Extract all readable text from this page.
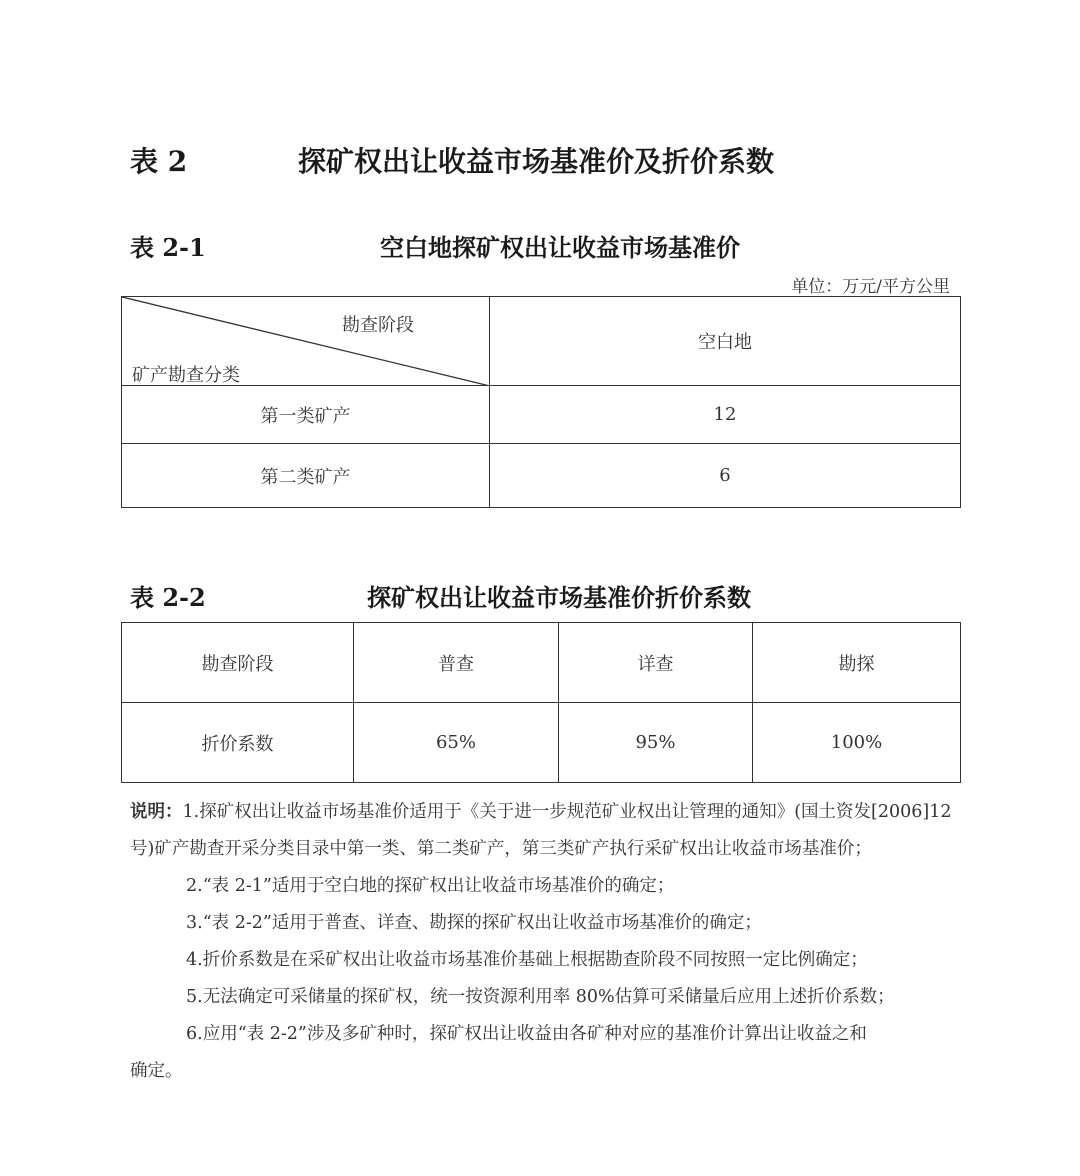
表 2	探矿权出让收益市场基准价及折价系数
表 2-1	空白地探矿权出让收益市场基准价
单位：万元/平方公里
勘查阶段
矿产勘查分类	空白地
第一类矿产	12
第二类矿产	6
表 2-2	探矿权出让收益市场基准价折价系数
勘查阶段	普查	详查	勘探
折价系数	65%	95%	100%

说明：1.探矿权出让收益市场基准价适用于《关于进一步规范矿业权出让管理的通知》(国土资发[2006]12 号)矿产勘查开采分类目录中第一类、第二类矿产，第三类矿产执行采矿权出让收益市场基准价；

2.“表 2-1”适用于空白地的探矿权出让收益市场基准价的确定；

3.“表 2-2”适用于普查、详查、勘探的探矿权出让收益市场基准价的确定；

4.折价系数是在采矿权出让收益市场基准价基础上根据勘查阶段不同按照一定比例确定；

5.无法确定可采储量的探矿权，统一按资源利用率 80%估算可采储量后应用上述折价系数；

6.应用“表 2-2”涉及多矿种时，探矿权出让收益由各矿种对应的基准价计算出让收益之和

确定。
